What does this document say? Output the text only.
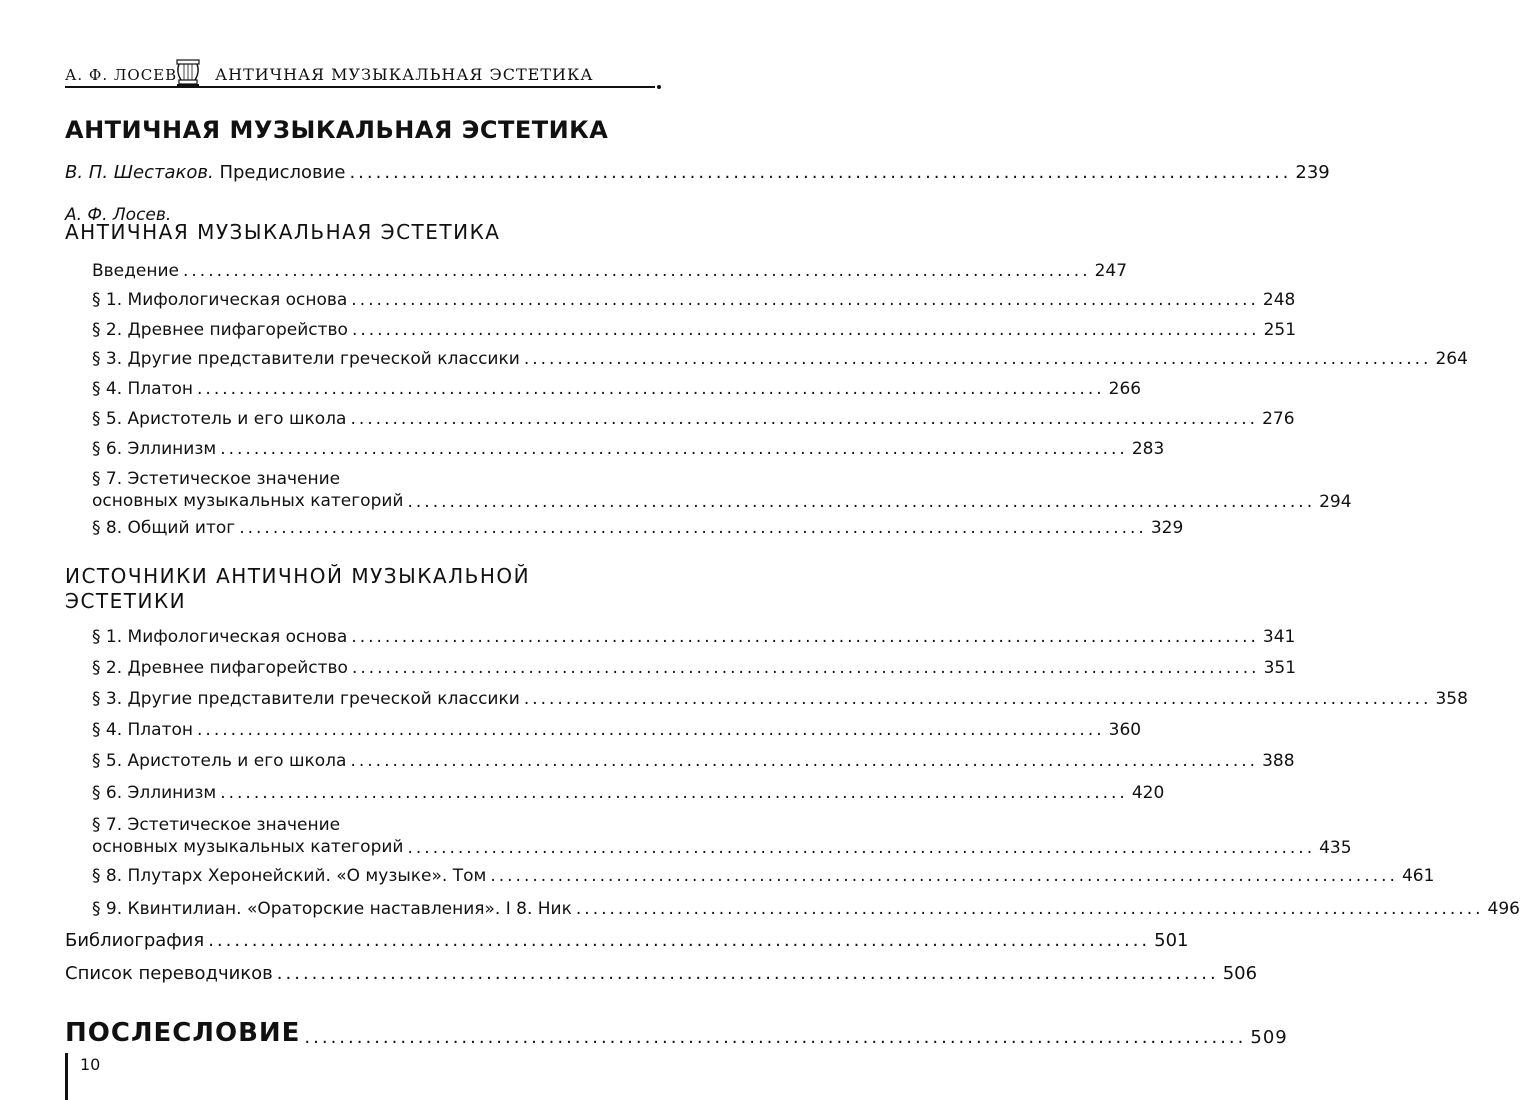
А. Ф. ЛОСЕВ АНТИЧНАЯ МУЗЫКАЛЬНАЯ ЭСТЕТИКА
АНТИЧНАЯ МУЗЫКАЛЬНАЯ ЭСТЕТИКА
В. П. Шестаков. Предисловие ............................................................................................................ 239
А. Ф. Лосев.
АНТИЧНАЯ МУЗЫКАЛЬНАЯ ЭСТЕТИКА
Введение ............................................................................................................ 247
§ 1. Мифологическая основа ............................................................................................................ 248
§ 2. Древнее пифагорейство ............................................................................................................ 251
§ 3. Другие представители греческой классики ............................................................................................................ 264
§ 4. Платон ............................................................................................................ 266
§ 5. Аристотель и его школа ............................................................................................................ 276
§ 6. Эллинизм ............................................................................................................ 283
§ 7. Эстетическое значение
основных музыкальных категорий ............................................................................................................ 294
§ 8. Общий итог ............................................................................................................ 329
ИСТОЧНИКИ АНТИЧНОЙ МУЗЫКАЛЬНОЙ
ЭСТЕТИКИ
§ 1. Мифологическая основа ............................................................................................................ 341
§ 2. Древнее пифагорейство ............................................................................................................ 351
§ 3. Другие представители греческой классики ............................................................................................................ 358
§ 4. Платон ............................................................................................................ 360
§ 5. Аристотель и его школа ............................................................................................................ 388
§ 6. Эллинизм ............................................................................................................ 420
§ 7. Эстетическое значение
основных музыкальных категорий ............................................................................................................ 435
§ 8. Плутарх Херонейский. «О музыке». Том ............................................................................................................ 461
§ 9. Квинтилиан. «Ораторские наставления». I 8. Ник ............................................................................................................ 496
Библиография ............................................................................................................ 501
Список переводчиков ............................................................................................................ 506
ПОСЛЕСЛОВИЕ ............................................................................................................ 509
10
